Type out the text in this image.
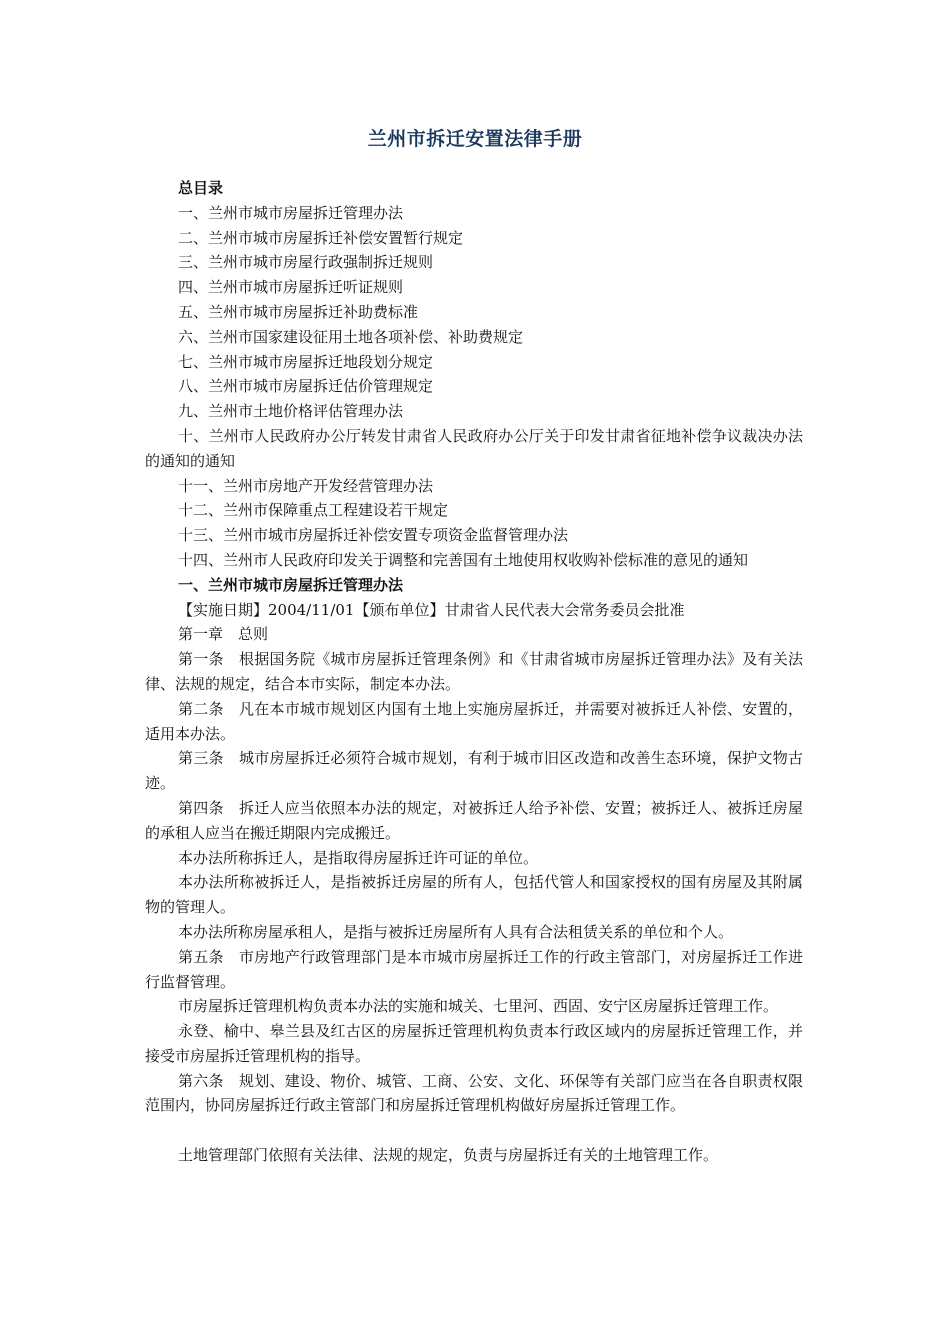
兰州市拆迁安置法律手册

总目录

一、兰州市城市房屋拆迁管理办法

二、兰州市城市房屋拆迁补偿安置暂行规定

三、兰州市城市房屋行政强制拆迁规则

四、兰州市城市房屋拆迁听证规则

五、兰州市城市房屋拆迁补助费标准

六、兰州市国家建设征用土地各项补偿、补助费规定

七、兰州市城市房屋拆迁地段划分规定

八、兰州市城市房屋拆迁估价管理规定

九、兰州市土地价格评估管理办法

十、兰州市人民政府办公厅转发甘肃省人民政府办公厅关于印发甘肃省征地补偿争议裁决办法的通知的通知

十一、兰州市房地产开发经营管理办法

十二、兰州市保障重点工程建设若干规定

十三、兰州市城市房屋拆迁补偿安置专项资金监督管理办法

十四、兰州市人民政府印发关于调整和完善国有土地使用权收购补偿标准的意见的通知

一、兰州市城市房屋拆迁管理办法

【实施日期】2004/11/01【颁布单位】甘肃省人民代表大会常务委员会批准

第一章　总则

第一条　根据国务院《城市房屋拆迁管理条例》和《甘肃省城市房屋拆迁管理办法》及有关法律、法规的规定，结合本市实际，制定本办法。

第二条　凡在本市城市规划区内国有土地上实施房屋拆迁，并需要对被拆迁人补偿、安置的，适用本办法。

第三条　城市房屋拆迁必须符合城市规划，有利于城市旧区改造和改善生态环境，保护文物古迹。

第四条　拆迁人应当依照本办法的规定，对被拆迁人给予补偿、安置；被拆迁人、被拆迁房屋的承租人应当在搬迁期限内完成搬迁。

本办法所称拆迁人，是指取得房屋拆迁许可证的单位。

本办法所称被拆迁人，是指被拆迁房屋的所有人，包括代管人和国家授权的国有房屋及其附属物的管理人。

本办法所称房屋承租人，是指与被拆迁房屋所有人具有合法租赁关系的单位和个人。

第五条　市房地产行政管理部门是本市城市房屋拆迁工作的行政主管部门，对房屋拆迁工作进行监督管理。

市房屋拆迁管理机构负责本办法的实施和城关、七里河、西固、安宁区房屋拆迁管理工作。

永登、榆中、皋兰县及红古区的房屋拆迁管理机构负责本行政区域内的房屋拆迁管理工作，并接受市房屋拆迁管理机构的指导。

第六条　规划、建设、物价、城管、工商、公安、文化、环保等有关部门应当在各自职责权限范围内，协同房屋拆迁行政主管部门和房屋拆迁管理机构做好房屋拆迁管理工作。

土地管理部门依照有关法律、法规的规定，负责与房屋拆迁有关的土地管理工作。
